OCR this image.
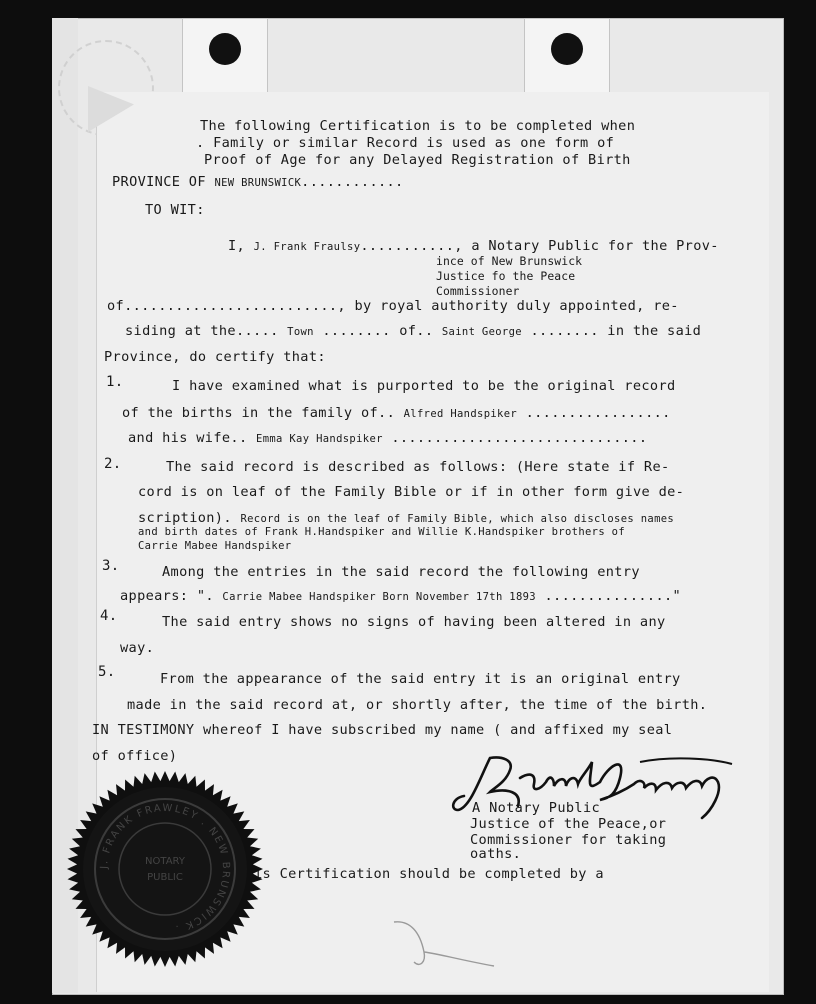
The following Certification is to be completed when
. Family or similar Record is used as one form of
Proof of Age for any Delayed Registration of Birth
PROVINCE OF NEW BRUNSWICK............
TO WIT:
I, J. Frank Fraulsy..........., a Notary Public for the Prov-
ince of New Brunswick
Justice fo the Peace
Commissioner
of........................., by royal authority duly appointed, re-
siding at the..... Town ........ of.. Saint George ........ in the said
Province, do certify that:
1.	I have examined what is purported to be the original record
of the births in the family of.. Alfred Handspiker .................
and his wife.. Emma Kay Handspiker ..............................
2.	The said record is described as follows: (Here state if Re-
cord is on leaf of the Family Bible or if in other form give de-
scription). Record is on the leaf of Family Bible, which also discloses names
and birth dates of Frank H.Handspiker and Willie K.Handspiker brothers of
Carrie Mabee Handspiker
3.	Among the entries in the said record the following entry
appears: ". Carrie Mabee Handspiker Born November 17th 1893 ..............."
4.	The said entry shows no signs of having been altered in any
way.
5.	From the appearance of the said entry it is an original entry
made in the said record at, or shortly after, the time of the birth.
IN TESTIMONY whereof I have subscribed my name ( and affixed my seal
of office)
A Notary Public
Justice of the Peace,or
Commissioner for taking
oaths.
is Certification should be completed by a
J. FRANK FRAWLEY . NEW BRUNSWICK .
NOTARY
PUBLIC
